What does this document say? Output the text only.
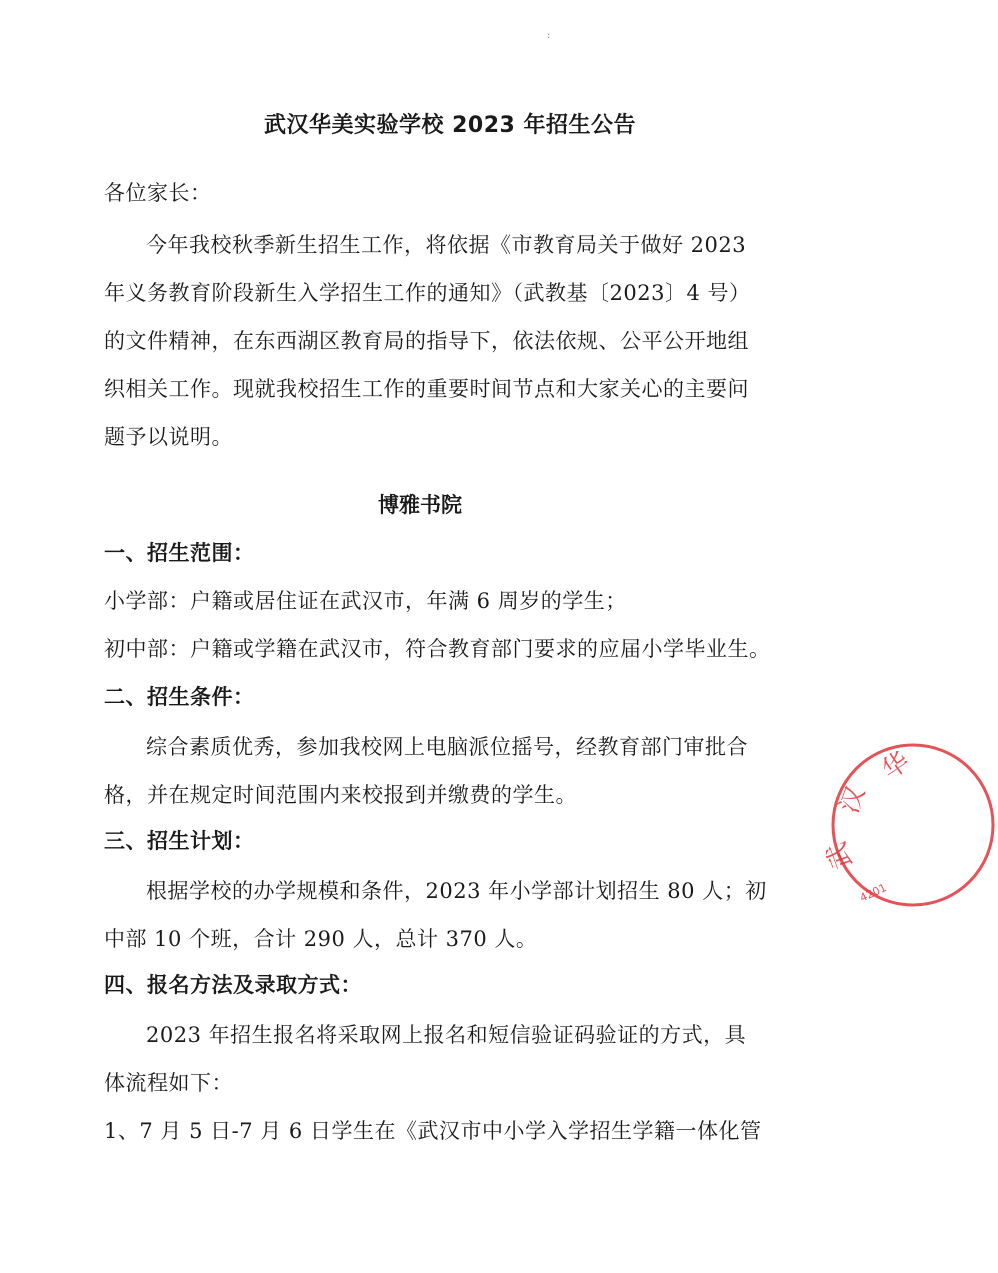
:
武汉华美实验学校 2023 年招生公告
各位家长：
今年我校秋季新生招生工作，将依据《市教育局关于做好 2023
年义务教育阶段新生入学招生工作的通知》（武教基〔2023〕4 号）
的文件精神，在东西湖区教育局的指导下，依法依规、公平公开地组
织相关工作。现就我校招生工作的重要时间节点和大家关心的主要问
题予以说明。
博雅书院
一、招生范围：
小学部：户籍或居住证在武汉市，年满 6 周岁的学生；
初中部：户籍或学籍在武汉市，符合教育部门要求的应届小学毕业生。
二、招生条件：
综合素质优秀，参加我校网上电脑派位摇号，经教育部门审批合
格，并在规定时间范围内来校报到并缴费的学生。
三、招生计划：
根据学校的办学规模和条件，2023 年小学部计划招生 80 人；初
中部 10 个班，合计 290 人，总计 370 人。
四、报名方法及录取方式：
2023 年招生报名将采取网上报名和短信验证码验证的方式，具
体流程如下：
1、7 月 5 日-7 月 6 日学生在《武汉市中小学入学招生学籍一体化管
华
汉
武
4201
